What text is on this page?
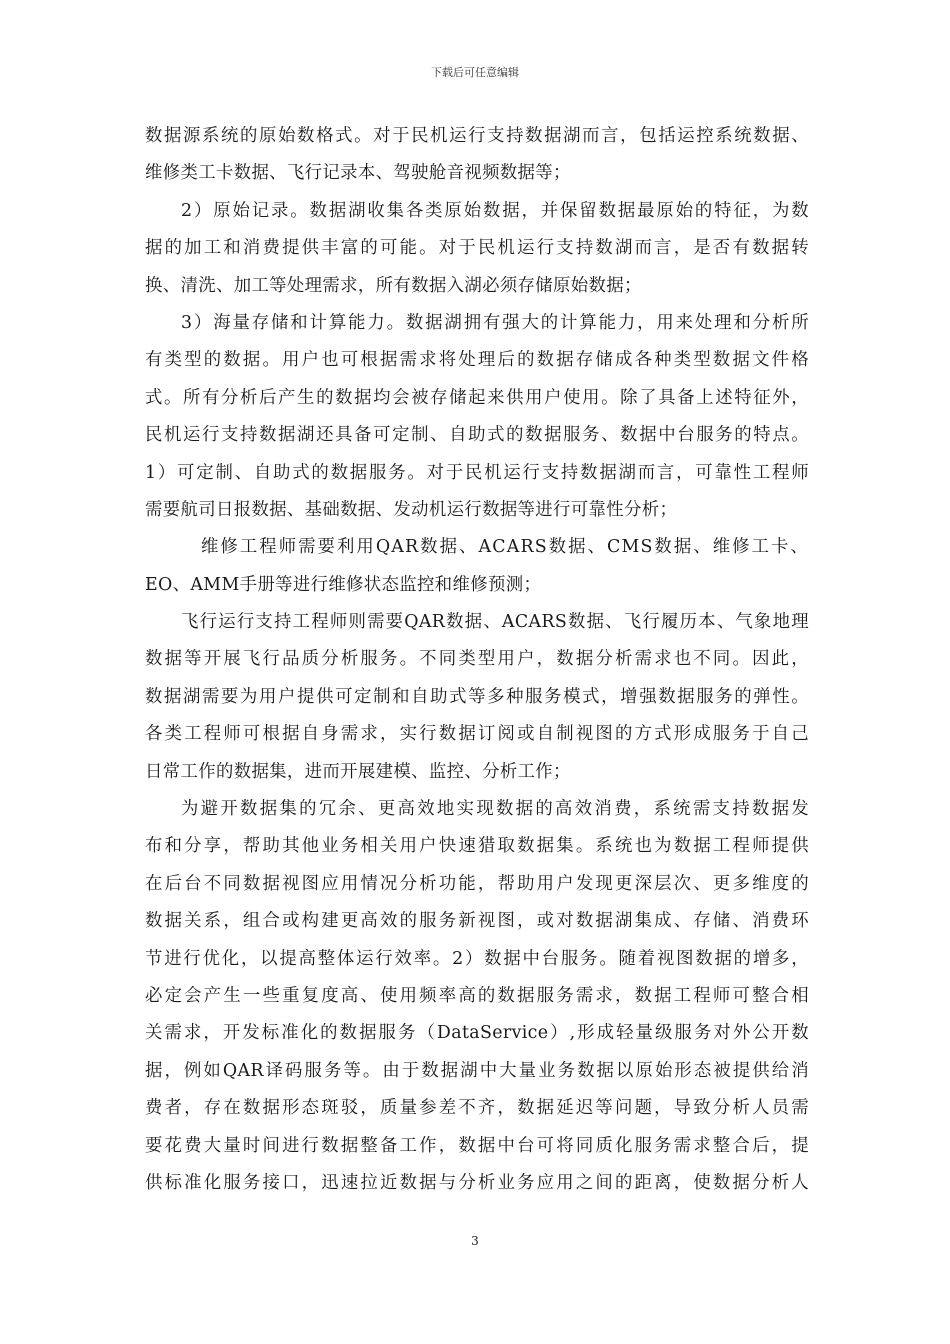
下载后可任意编辑
数据源系统的原始数格式。对于民机运行支持数据湖而言，包括运控系统数据、
维修类工卡数据、飞行记录本、驾驶舱音视频数据等；
2）原始记录。数据湖收集各类原始数据，并保留数据最原始的特征，为数
据的加工和消费提供丰富的可能。对于民机运行支持数湖而言，是否有数据转
换、清洗、加工等处理需求，所有数据入湖必须存储原始数据；
3）海量存储和计算能力。数据湖拥有强大的计算能力，用来处理和分析所
有类型的数据。用户也可根据需求将处理后的数据存储成各种类型数据文件格
式。所有分析后产生的数据均会被存储起来供用户使用。除了具备上述特征外，
民机运行支持数据湖还具备可定制、自助式的数据服务、数据中台服务的特点。
1）可定制、自助式的数据服务。对于民机运行支持数据湖而言，可靠性工程师
需要航司日报数据、基础数据、发动机运行数据等进行可靠性分析；
维修工程师需要利用QAR数据、ACARS数据、CMS数据、维修工卡、
EO、AMM手册等进行维修状态监控和维修预测；
飞行运行支持工程师则需要QAR数据、ACARS数据、飞行履历本、气象地理
数据等开展飞行品质分析服务。不同类型用户，数据分析需求也不同。因此，
数据湖需要为用户提供可定制和自助式等多种服务模式，增强数据服务的弹性。
各类工程师可根据自身需求，实行数据订阅或自制视图的方式形成服务于自己
日常工作的数据集，进而开展建模、监控、分析工作；
为避开数据集的冗余、更高效地实现数据的高效消费，系统需支持数据发
布和分享，帮助其他业务相关用户快速猎取数据集。系统也为数据工程师提供
在后台不同数据视图应用情况分析功能，帮助用户发现更深层次、更多维度的
数据关系，组合或构建更高效的服务新视图，或对数据湖集成、存储、消费环
节进行优化，以提高整体运行效率。2）数据中台服务。随着视图数据的增多，
必定会产生一些重复度高、使用频率高的数据服务需求，数据工程师可整合相
关需求，开发标准化的数据服务（DataService）,形成轻量级服务对外公开数
据，例如QAR译码服务等。由于数据湖中大量业务数据以原始形态被提供给消
费者，存在数据形态斑驳，质量参差不齐，数据延迟等问题，导致分析人员需
要花费大量时间进行数据整备工作，数据中台可将同质化服务需求整合后，提
供标准化服务接口，迅速拉近数据与分析业务应用之间的距离，使数据分析人
3
